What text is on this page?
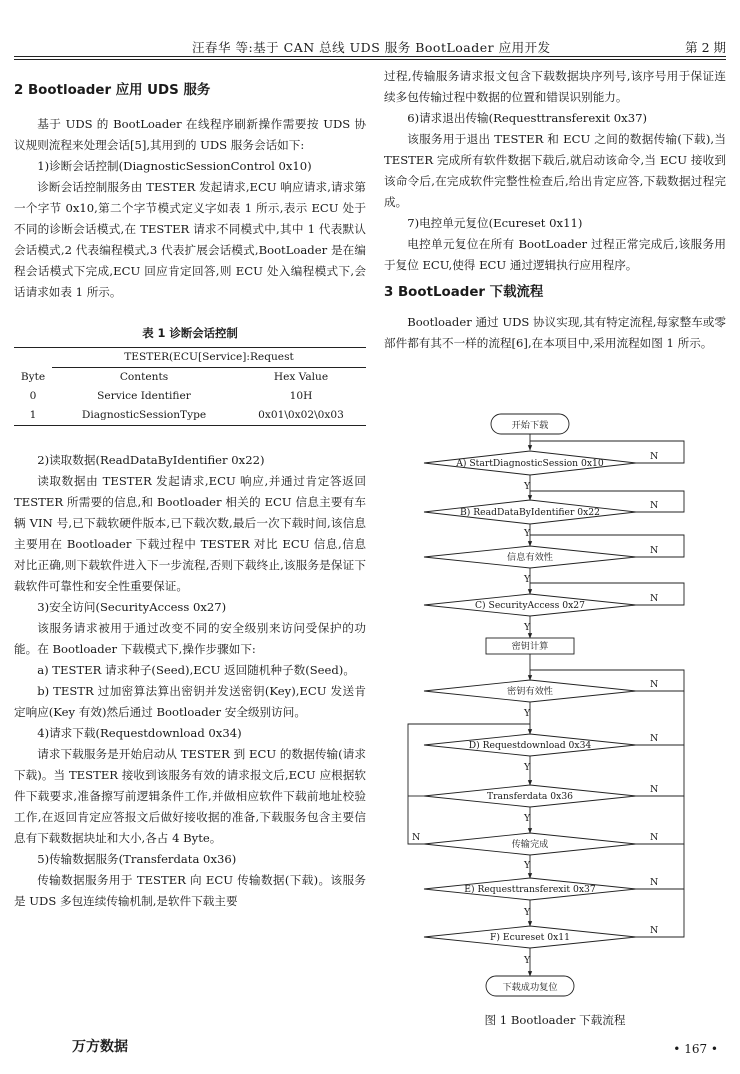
汪春华 等:基于 CAN 总线 UDS 服务 BootLoader 应用开发	第 2 期
2 Bootloader 应用 UDS 服务

基于 UDS 的 BootLoader 在线程序刷新操作需要按 UDS 协议规则流程来处理会话[5],其用到的 UDS 服务会话如下:

1)诊断会话控制(DiagnosticSessionControl 0x10)

诊断会话控制服务由 TESTER 发起请求,ECU 响应请求,请求第一个字节 0x10,第二个字节模式定义字如表 1 所示,表示 ECU 处于不同的诊断会话模式,在 TESTER 请求不同模式中,其中 1 代表默认会话模式,2 代表编程模式,3 代表扩展会话模式,BootLoader 是在编程会话模式下完成,ECU 回应肯定回答,则 ECU 处入编程模式下,会话请求如表 1 所示。

表 1 诊断会话控制
	TESTER(ECU[Service]:Request	
Byte	Contents	Hex Value
0	Service Identifier	10H
1	DiagnosticSessionType	0x01\0x02\0x03

2)读取数据(ReadDataByIdentifier 0x22)

读取数据由 TESTER 发起请求,ECU 响应,并通过肯定答返回 TESTER 所需要的信息,和 Bootloader 相关的 ECU 信息主要有车辆 VIN 号,已下载软硬件版本,已下载次数,最后一次下载时间,该信息主要用在 Bootloader 下载过程中 TESTER 对比 ECU 信息,信息对比正确,则下载软件进入下一步流程,否则下载终止,该服务是保证下载软件可靠性和安全性重要保证。

3)安全访问(SecurityAccess 0x27)

该服务请求被用于通过改变不同的安全级别来访问受保护的功能。在 Bootloader 下载模式下,操作步骤如下:

a) TESTER 请求种子(Seed),ECU 返回随机种子数(Seed)。

b) TESTR 过加密算法算出密钥并发送密钥(Key),ECU 发送肯定响应(Key 有效)然后通过 Bootloader 安全级别访问。

4)请求下载(Requestdownload 0x34)

请求下载服务是开始启动从 TESTER 到 ECU 的数据传输(请求下载)。当 TESTER 接收到该服务有效的请求报文后,ECU 应根据软件下载要求,准备擦写前逻辑条件工作,并做相应软件下载前地址校验工作,在返回肯定应答报文后做好接收据的准备,下载服务包含主要信息有下载数据块址和大小,各占 4 Byte。

5)传输数据服务(Transferdata 0x36)

传输数据服务用于 TESTER 向 ECU 传输数据(下载)。该服务是 UDS 多包连续传输机制,是软件下载主要

过程,传输服务请求报文包含下载数据块序列号,该序号用于保证连续多包传输过程中数据的位置和错误识别能力。

6)请求退出传输(Requesttransferexit 0x37)

该服务用于退出 TESTER 和 ECU 之间的数据传输(下载),当 TESTER 完成所有软件数据下载后,就启动该命令,当 ECU 接收到该命令后,在完成软件完整性检查后,给出肯定应答,下载数据过程完成。

7)电控单元复位(Ecureset 0x11)

电控单元复位在所有 BootLoader 过程正常完成后,该服务用于复位 ECU,使得 ECU 通过逻辑执行应用程序。

3 BootLoader 下载流程

Bootloader 通过 UDS 协议实现,其有特定流程,每家整车或零部件都有其不一样的流程[6],在本项目中,采用流程如图 1 所示。

开始下载
A) StartDiagnosticSession 0x10
B) ReadDataByIdentifier 0x22
信息有效性
C) SecurityAccess 0x27
密钥计算
密钥有效性
D) Requestdownload 0x34
Transferdata 0x36
传输完成
E) Requesttransferexit 0x37
F) Ecureset 0x11
下载成功复位
Y
Y
Y
Y
Y
Y
Y
Y
Y
Y
N
N
N
N
N
N
N
N
N
N
N
图 1 Bootloader 下载流程
万方数据	• 167 •
